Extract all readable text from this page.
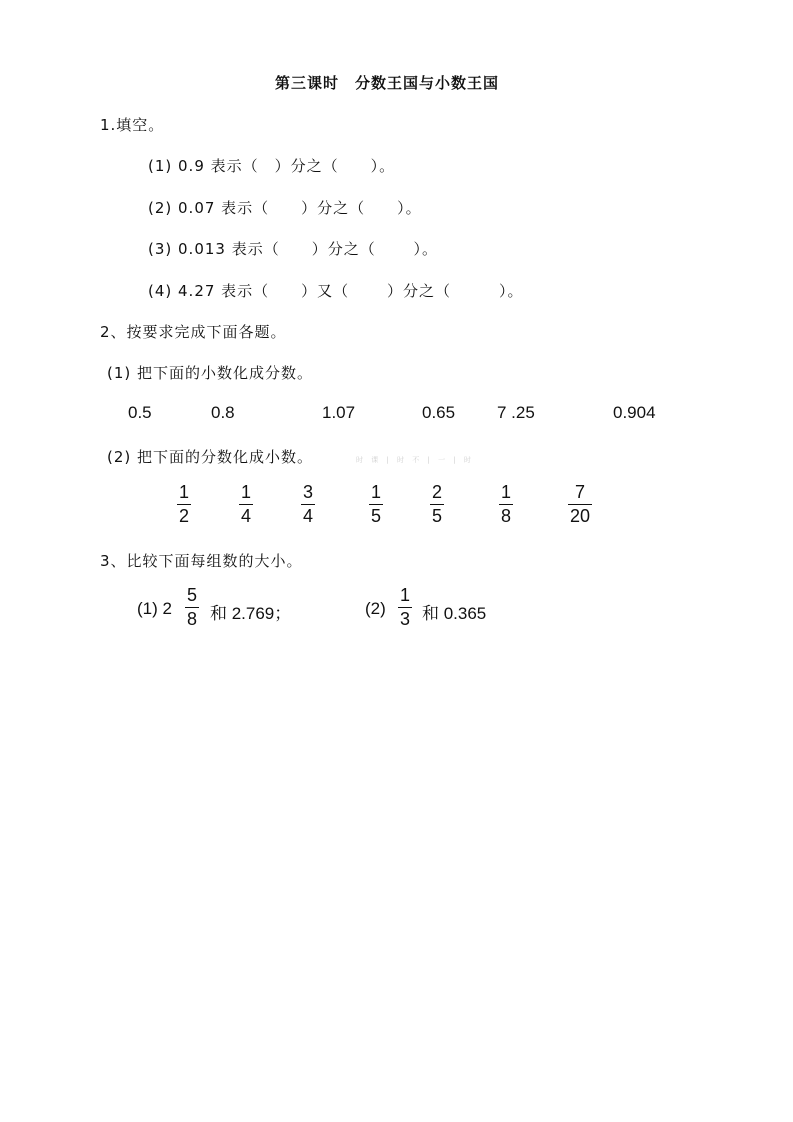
第三课时　分数王国与小数王国
1.填空。
(1) 0.9 表示（　）分之（　　）。
(2) 0.07 表示（　　）分之（　　）。
(3) 0.013 表示（　　）分之（　　 ）。
(4) 4.27 表示（　　）又（　　 ）分之（　　　）。
2、按要求完成下面各题。
(1) 把下面的小数化成分数。
0.5	0.8	1.07	0.65 7 .25	0.904
(2) 把下面的分数化成小数。	时 课 | 时 不 | 一 | 时
1
2
1
4
3
4
1
5
2
5
1
8
7
20
3、比较下面每组数的大小。
(1) 2
5
8 和 2.769；	(2)
1
3 和 0.365
